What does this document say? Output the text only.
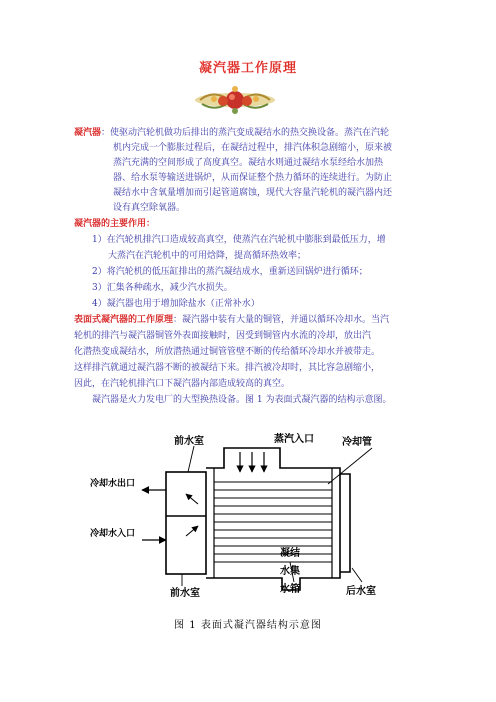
凝汽器工作原理
凝汽器：使驱动汽轮机做功后排出的蒸汽变成凝结水的热交换设备。蒸汽在汽轮
机内完成一个膨胀过程后，在凝结过程中，排汽体积急剧缩小，原来被
蒸汽充满的空间形成了高度真空。凝结水则通过凝结水泵经给水加热
器、给水泵等输送进锅炉，从而保证整个热力循环的连续进行。为防止
凝结水中含氧量增加而引起管道腐蚀，现代大容量汽轮机的凝汽器内还
设有真空除氧器。
凝汽器的主要作用：
1）在汽轮机排汽口造成较高真空，使蒸汽在汽轮机中膨胀到最低压力，增
大蒸汽在汽轮机中的可用焓降，提高循环热效率；
2）将汽轮机的低压缸排出的蒸汽凝结成水，重新送回锅炉进行循环；
3）汇集各种疏水，减少汽水损失。
4）凝汽器也用于增加除盐水（正常补水）
表面式凝汽器的工作原理：凝汽器中装有大量的铜管，并通以循环冷却水。当汽
轮机的排汽与凝汽器铜管外表面接触时，因受到铜管内水流的冷却，放出汽
化潜热变成凝结水，所放潜热通过铜管管壁不断的传给循环冷却水并被带走。
这样排汽就通过凝汽器不断的被凝结下来。排汽被冷却时，其比容急剧缩小，
因此，在汽轮机排汽口下凝汽器内部造成较高的真空。
凝汽器是火力发电厂的大型换热设备。图 1 为表面式凝汽器的结构示意图。
前水室	蒸汽入口	冷却管
冷却水出口
冷却水入口
前水室
凝结
水集
水箱	后水室
图 1 表面式凝汽器结构示意图
